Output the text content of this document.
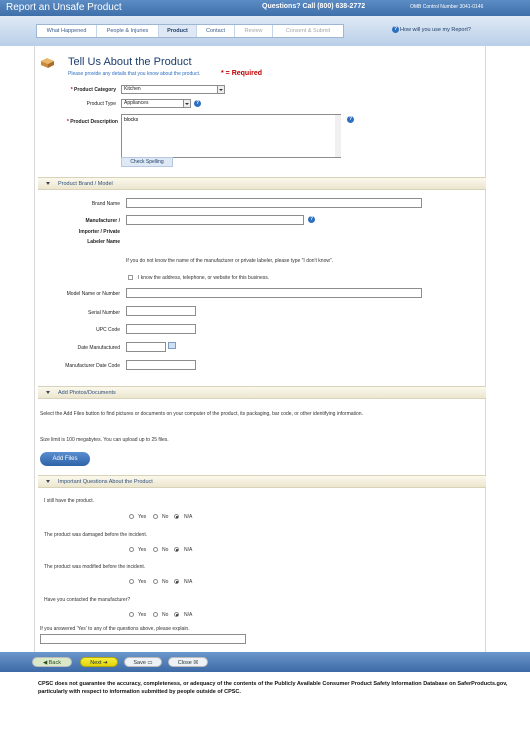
Report an Unsafe Product	Questions? Call (800) 638-2772	OMB Control Number 3041-0146
What Happened	People & Injuries	Product	Contact	Review	Consent & Submit	? How will you use my Report?
Tell Us About the Product
Please provide any details that you know about the product.	* = Required
* Product Category	Kitchen
Product Type	Appliances	?
* Product Description
blocks	?
Check Spelling
Product Brand / Model
Brand Name
Manufacturer /
Importer / Private
Labeler Name
?
If you do not know the name of the manufacturer or private labeler, please type "I don't know".
I know the address, telephone, or website for this business.
Model Name or Number
Serial Number
UPC Code
Date Manufactured
Manufacturer Date Code
Add Photos/Documents
Select the Add Files button to find pictures or documents on your computer of the product, its packaging, bar code, or other identifying information.
Size limit is 100 megabytes. You can upload up to 25 files.
Add Files
Important Questions About the Product
I still have the product.
Yes	No	N/A
The product was damaged before the incident.
Yes	No	N/A
The product was modified before the incident.
Yes	No	N/A
Have you contacted the manufacturer?
Yes	No	N/A
If you answered 'Yes' to any of the questions above, please explain.
◀ Back	Next ➔	Save ▭	Close ☒
CPSC does not guarantee the accuracy, completeness, or adequacy of the contents of the Publicly Available Consumer Product Safety Information Database on SaferProducts.gov, particularly with respect to information submitted by people outside of CPSC.
